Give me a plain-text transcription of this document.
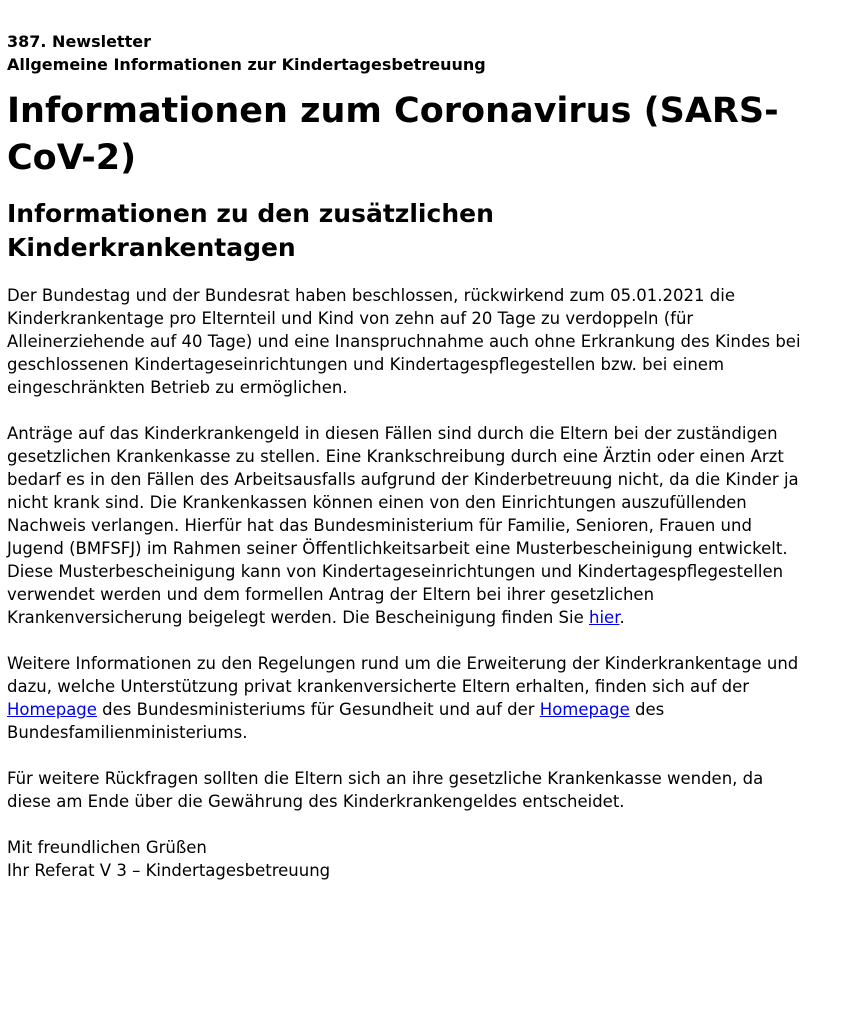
387. Newsletter
Allgemeine Informationen zur Kindertagesbetreuung
Informationen zum Coronavirus (SARS-CoV-2)
Informationen zu den zusätzlichen Kinderkrankentagen

Der Bundestag und der Bundesrat haben beschlossen, rückwirkend zum 05.01.2021 die Kinderkrankentage pro Elternteil und Kind von zehn auf 20 Tage zu verdoppeln (für Alleinerziehende auf 40 Tage) und eine Inanspruchnahme auch ohne Erkrankung des Kindes bei geschlossenen Kindertageseinrichtungen und Kindertagespflegestellen bzw. bei einem eingeschränkten Betrieb zu ermöglichen.

Anträge auf das Kinderkrankengeld in diesen Fällen sind durch die Eltern bei der zuständigen gesetzlichen Krankenkasse zu stellen. Eine Krankschreibung durch eine Ärztin oder einen Arzt bedarf es in den Fällen des Arbeitsausfalls aufgrund der Kinderbetreuung nicht, da die Kinder ja nicht krank sind. Die Krankenkassen können einen von den Einrichtungen auszufüllenden Nachweis verlangen. Hierfür hat das Bundesministerium für Familie, Senioren, Frauen und Jugend (BMFSFJ) im Rahmen seiner Öffentlichkeitsarbeit eine Musterbescheinigung entwickelt. Diese Musterbescheinigung kann von Kindertageseinrichtungen und Kindertagespflegestellen verwendet werden und dem formellen Antrag der Eltern bei ihrer gesetzlichen Krankenversicherung beigelegt werden. Die Bescheinigung finden Sie hier.

Weitere Informationen zu den Regelungen rund um die Erweiterung der Kinderkrankentage und dazu, welche Unterstützung privat krankenversicherte Eltern erhalten, finden sich auf der Homepage des Bundesministeriums für Gesundheit und auf der Homepage des Bundesfamilienministeriums.

Für weitere Rückfragen sollten die Eltern sich an ihre gesetzliche Krankenkasse wenden, da diese am Ende über die Gewährung des Kinderkrankengeldes entscheidet.

Mit freundlichen Grüßen

Ihr Referat V 3 – Kindertagesbetreuung
